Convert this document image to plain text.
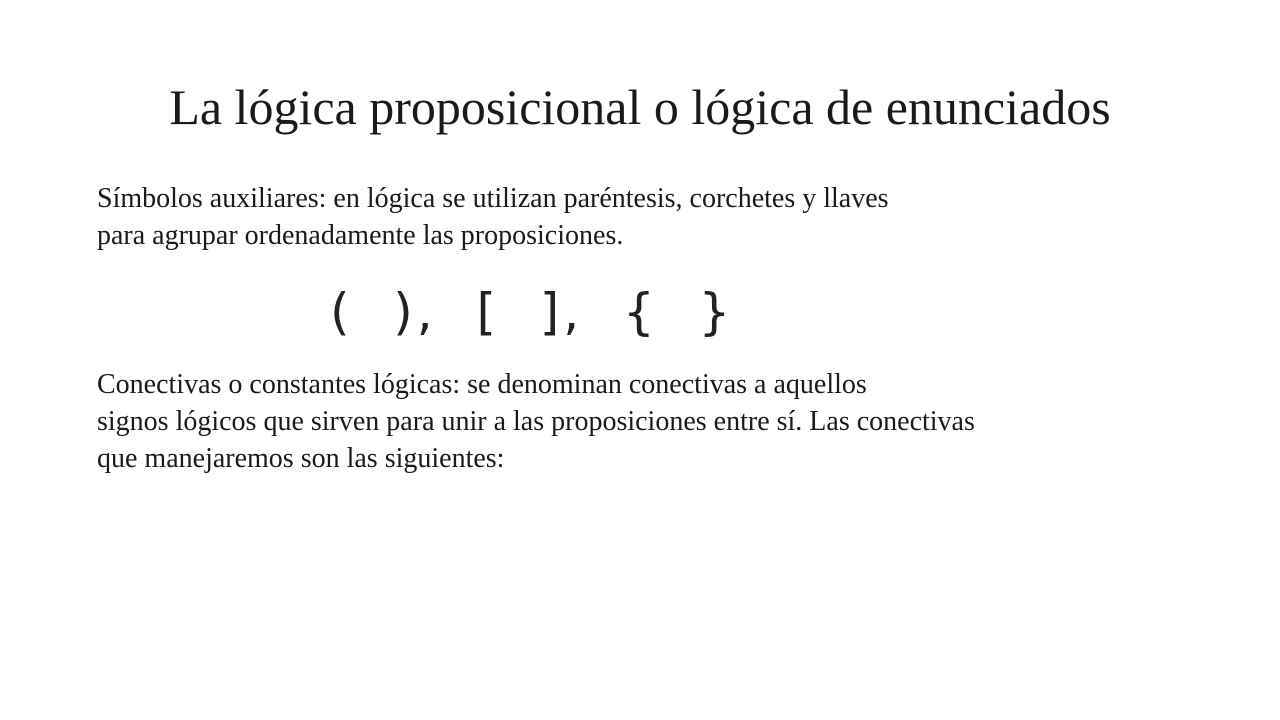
La lógica proposicional o lógica de enunciados
Símbolos auxiliares: en lógica se utilizan paréntesis, corchetes y llaves
para agrupar ordenadamente las proposiciones.
(  ),  [  ],  {  }
Conectivas o constantes lógicas: se denominan conectivas a aquellos
signos lógicos que sirven para unir a las proposiciones entre sí. Las conectivas
que manejaremos son las siguientes:
